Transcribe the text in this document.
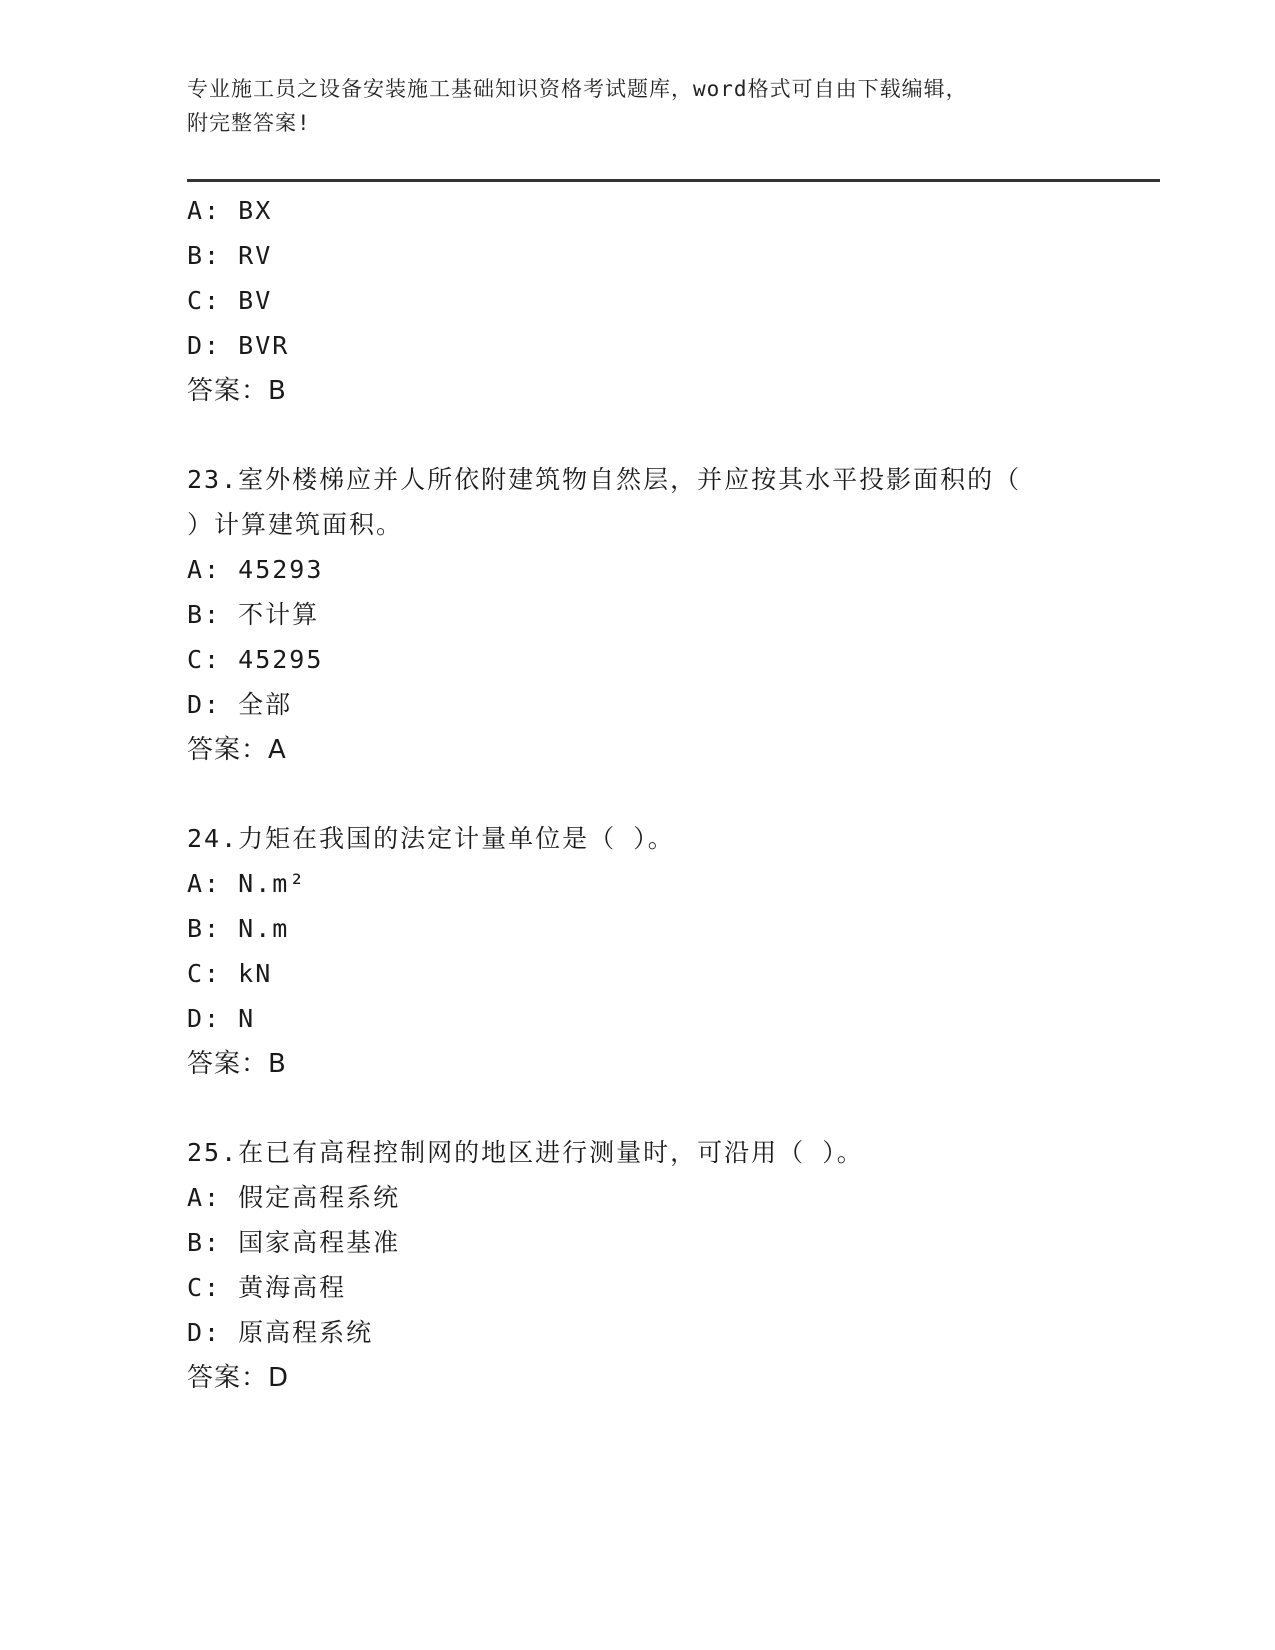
专业施工员之设备安装施工基础知识资格考试题库，word格式可自由下载编辑，
附完整答案!
A: BX
B: RV
C: BV
D: BVR
答案：B
23.室外楼梯应并人所依附建筑物自然层，并应按其水平投影面积的（
）计算建筑面积。
A: 45293
B: 不计算
C: 45295
D: 全部
答案：A
24.力矩在我国的法定计量单位是（ ）。
A: N.m²
B: N.m
C: kN
D: N
答案：B
25.在已有高程控制网的地区进行测量时，可沿用（ ）。
A: 假定高程系统
B: 国家高程基准
C: 黄海高程
D: 原高程系统
答案：D
